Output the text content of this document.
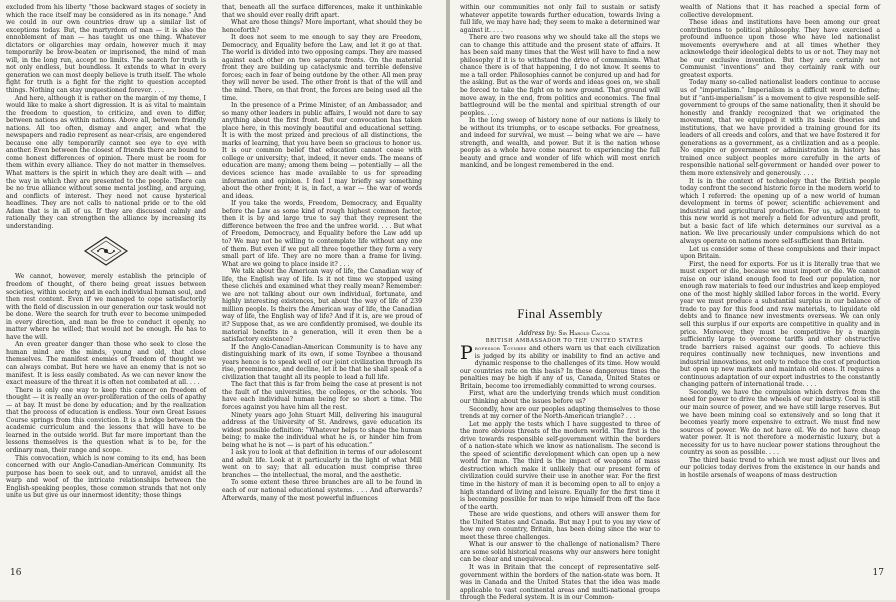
excluded from his liberty “those backward stages of society in which the race itself may be considered as in its nonage.” And we could in our own countries draw up a similar list of exceptions today. But, the martyrdom of man — it is also the ennoblement of man — has taught us one thing. Whatever dictators or oligarchies may ordain, however much it may temporarily be brow-beaten or imprisoned, the mind of man will, in the long run, accept no limits. The search for truth is not only endless, but boundless. It extends to what in every generation we can most deeply believe is truth itself. The whole fight for truth is a fight for the right to question accepted things. Nothing can stay unquestioned forever. . . .

And here, although it is rather on the margin of my theme, I would like to make a short digression. It is as vital to maintain the freedom to question, to criticize, and even to differ, between nations as within nations. Above all, between friendly nations. All too often, dismay and anger, and what the newspapers and radio represent as near-crisis, are engendered because one ally temporarily cannot see eye to eye with another. Even between the closest of friends there are bound to come honest differences of opinion. There must be room for them within every alliance. They do not matter in themselves. What matters is the spirit in which they are dealt with — and the way in which they are presented to the people. There can be no true alliance without some mental jostling, and arguing, and conflicts of interest. They need not cause hysterical headlines. They are not calls to national pride or to the old Adam that is in all of us. If they are discussed calmly and rationally they can strengthen the alliance by increasing its understanding.

We cannot, however, merely establish the principle of freedom of thought, of there being great issues between societies, within society, and in each individual human soul, and then rest content. Even if we managed to cope satisfactorily with the field of discussion in our generation our task would not be done. Were the search for truth ever to become unimpeded in every direction, and man be free to conduct it openly, no matter where he willed; that would not be enough. He has to have the will.

An even greater danger than those who seek to close the human mind are the minds, young and old, that close themselves. The manifest enemies of freedom of thought we can always combat. But here we have an enemy that is not so manifest. It is less easily combated. As we can never know the exact measure of the threat it is often not combated at all. . . .

There is only one way to keep this cancer on freedom of thought — it is really an over-proliferation of the cells of apathy — at bay. It must be done by education; and by the realization that the process of education is endless. Your own Great Issues Course springs from this conviction. It is a bridge between the academic curriculum and the lessons that will have to be learned in the outside world. But far more important than the lessons themselves is the question what is to be, for the ordinary man, their range and scope.

This convocation, which is now coming to its end, has been concerned with our Anglo-Canadian-American Community. Its purpose has been to seek out, and to unravel, amidst all the warp and woof of the intricate relationships between the English-speaking peoples, those common strands that not only unite us but give us our innermost identity; those things

that, beneath all the surface differences, make it unthinkable that we should ever really drift apart.

What are those things? More important, what should they be henceforth?

It does not seem to me enough to say they are Freedom, Democracy, and Equality before the Law, and let it go at that. The world is divided into two opposing camps. They are massed against each other on two separate fronts. On the material front they are building up cataclysmic and terrible defensive forces; each in fear of being outdone by the other. All men pray they will never be used. The other front is that of the will and the mind. There, on that front, the forces are being used all the time.

In the presence of a Prime Minister, of an Ambassador, and so many other leaders in public affairs, I would not dare to say anything about the first front. But our convocation has taken place here, in this movingly beautiful and educational setting. It is with the most prized and precious of all distinctions, the marks of learning, that you have been so gracious to honor us. It is our common belief that education cannot cease with college or university; that, indeed, it never ends. The means of education are many; among them being — potentially — all the devices science has made available to us for spreading information and opinion. I feel I may briefly say something about the other front; it is, in fact, a war — the war of words and ideas.

If you take the words, Freedom, Democracy, and Equality before the Law as some kind of rough highest common factor, then it is by and large true to say that they represent the difference between the free and the unfree world. . . . But what of Freedom, Democracy, and Equality before the Law add up to? We may not be willing to contemplate life without any one of them. But even if we put all three together they form a very small part of life. They are no more than a frame for living. What are we going to place inside it? . . .

We talk about the American way of life, the Canadian way of life, the English way of life. Is it not time we stopped using these clichés and examined what they really mean? Remember: we are not talking about our own individual, fortunate, and highly interesting existences, but about the way of life of 239 million people. Is theirs the American way of life, the Canadian way of life, the English way of life? And if it is, are we proud of it? Suppose that, as we are confidently promised, we double its material benefits in a generation, will it even then be a satisfactory existence?

If the Anglo-Canadian-American Community is to have any distinguishing mark of its own, if some Toynbee a thousand years hence is to speak well of our joint civilization through its rise, preeminence, and decline, let it be that he shall speak of a civilization that taught all its people to lead a full life.

The fact that this is far from being the case at present is not the fault of the universities, the colleges, or the schools. You have each individual human being for so short a time. The forces against you have him all the rest.

Ninety years ago John Stuart Mill, delivering his inaugural address at the University of St. Andrews, gave education its widest possible definition: “Whatever helps to shape the human being; to make the individual what he is, or hinder him from being what he is not — is part of his education.”

I ask you to look at that definition in terms of our adolescent and adult life. Look at it particularly in the light of what Mill went on to say; that all education must comprise three branches — the intellectual, the moral, and the aesthetic.

To some extent these three branches are all to be found in each of our national educational systems. . . . And afterwards? Afterwards, many of the most powerful influences

16

within our communities not only fail to sustain or satisfy whatever appetite towards further education, towards living a full life, we may have had; they seem to make a determined war against it. . . .

There are two reasons why we should take all the steps we can to change this attitude and the present state of affairs. It has been said many times that the West will have to find a new philosophy if it is to withstand the drive of communism. What chance there is of that happening, I do not know. It seems to me a tall order. Philosophies cannot be conjured up and had for the asking. But as the war of words and ideas goes on, we shall be forced to take the fight on to new ground. That ground will move away, in the end, from politics and economics. The final battleground will be the mental and spiritual strength of our peoples. . . .

In the long sweep of history none of our nations is likely to be without its triumphs, or to escape setbacks. For greatness, and indeed for survival, we must — being what we are — have strength, and wealth, and power. But it is the nation whose people as a whole have come nearest to experiencing the full beauty and grace and wonder of life which will most enrich mankind, and be longest remembered in the end.

Final Assembly

Address by: Sir Harold Caccia

BRITISH AMBASSADOR TO THE UNITED STATES

Professor Toynbee and others warn us that each civilization is judged by its ability or inability to find an active and dynamic response to the challenges of its time. How would our countries rate on this basis? In these dangerous times the penalties may be high if any of us, Canada, United States or Britain, become too irremediably committed to wrong courses.

First, what are the underlying trends which must condition our thinking about the issues before us?

Secondly, how are our peoples adapting themselves to those trends at my corner of the North-American triangle? . . .

Let me apply the tests which I have suggested to three of the more obvious threats of the modern world. The first is the drive towards responsible self-government within the borders of a nation-state which we know as nationalism. The second is the speed of scientific development which can open up a new world for man. The third is the impact of weapons of mass destruction which make it unlikely that our present form of civilization could survive their use in another war. For the first time in the history of man it is becoming open to all to enjoy a high standard of living and leisure. Equally for the first time it is becoming possible for man to wipe himself from off the face of the earth.

These are wide questions, and others will answer them for the United States and Canada. But may I put to you my view of how my own country, Britain, has been doing since the war to meet these three challenges.

What is our answer to the challenge of nationalism? There are some solid historical reasons why our answers here tonight can be clear and unequivocal.

It was in Britain that the concept of representative self-government within the borders of the nation-state was born. It was in Canada and the United States that the idea was made applicable to vast continental areas and multi-national groups through the Federal system. It is in our Common-

wealth of Nations that it has reached a special form of collective development.

These ideas and institutions have been among our great contributions to political philosophy. They have exercised a profound influence upon those who have led nationalist movements everywhere and at all times whether they acknowledge their ideological debts to us or not. They may not be our exclusive invention. But they are certainly not Communist “inventions” and they certainly rank with our greatest exports.

Today many so-called nationalist leaders continue to accuse us of “imperialism.” Imperialism is a difficult word to define; but if “anti-imperialism” is a movement to give responsible self-government to groups of the same nationality, then it should be honestly and frankly recognized that we originated the movement, that we equipped it with its basic theories and institutions, that we have provided a training ground for its leaders of all creeds and colors, and that we have fostered it for generations as a government, as a civilization and as a people. No empire or government or administration in history has trained once subject peoples more carefully in the arts of responsible national self-government or handed over power to them more extensively and generously. . . .

It is in the context of technology that the British people today confront the second historic force in the modern world to which I referred: the opening up of a new world of human development in terms of power, scientific achievement and industrial and agricultural production. For us, adjustment to this new world is not merely a field for adventure and profit, but a basic fact of life which determines our survival as a nation. We live precariously under compulsions which do not always operate on nations more self-sufficient than Britain.

Let us consider some of these compulsions and their impact upon Britain.

First, the need for exports. For us it is literally true that we must export or die, because we must import or die. We cannot raise on our island enough food to feed our population, nor enough raw materials to feed our industries and keep employed one of the most highly skilled labor forces in the world. Every year we must produce a substantial surplus in our balance of trade to pay for this food and raw materials, to liquidate old debts and to finance new investments overseas. We can only sell this surplus if our exports are competitive in quality and in price. Moreover, they must be competitive by a margin sufficiently large to overcome tariffs and other obstructive trade barriers raised against our goods. To achieve this requires continually new techniques, new inventions and industrial innovations, not only to reduce the cost of production but open up new markets and maintain old ones. It requires a continuous adaptation of our export industries to the constantly changing pattern of international trade. . . .

Secondly, we have the compulsion which derives from the need for power to drive the wheels of our industry. Coal is still our main source of power, and we have still large reserves. But we have been mining coal so extensively and so long that it becomes yearly more expensive to extract. We must find new sources of power. We do not have oil. We do not have cheap water power. It is not therefore a modernistic luxury, but a necessity for us to have nuclear power stations throughout the country as soon as possible. . . .

The third basic trend to which we must adjust our lives and our policies today derives from the existence in our hands and in hostile arsenals of weapons of mass destruction

17
